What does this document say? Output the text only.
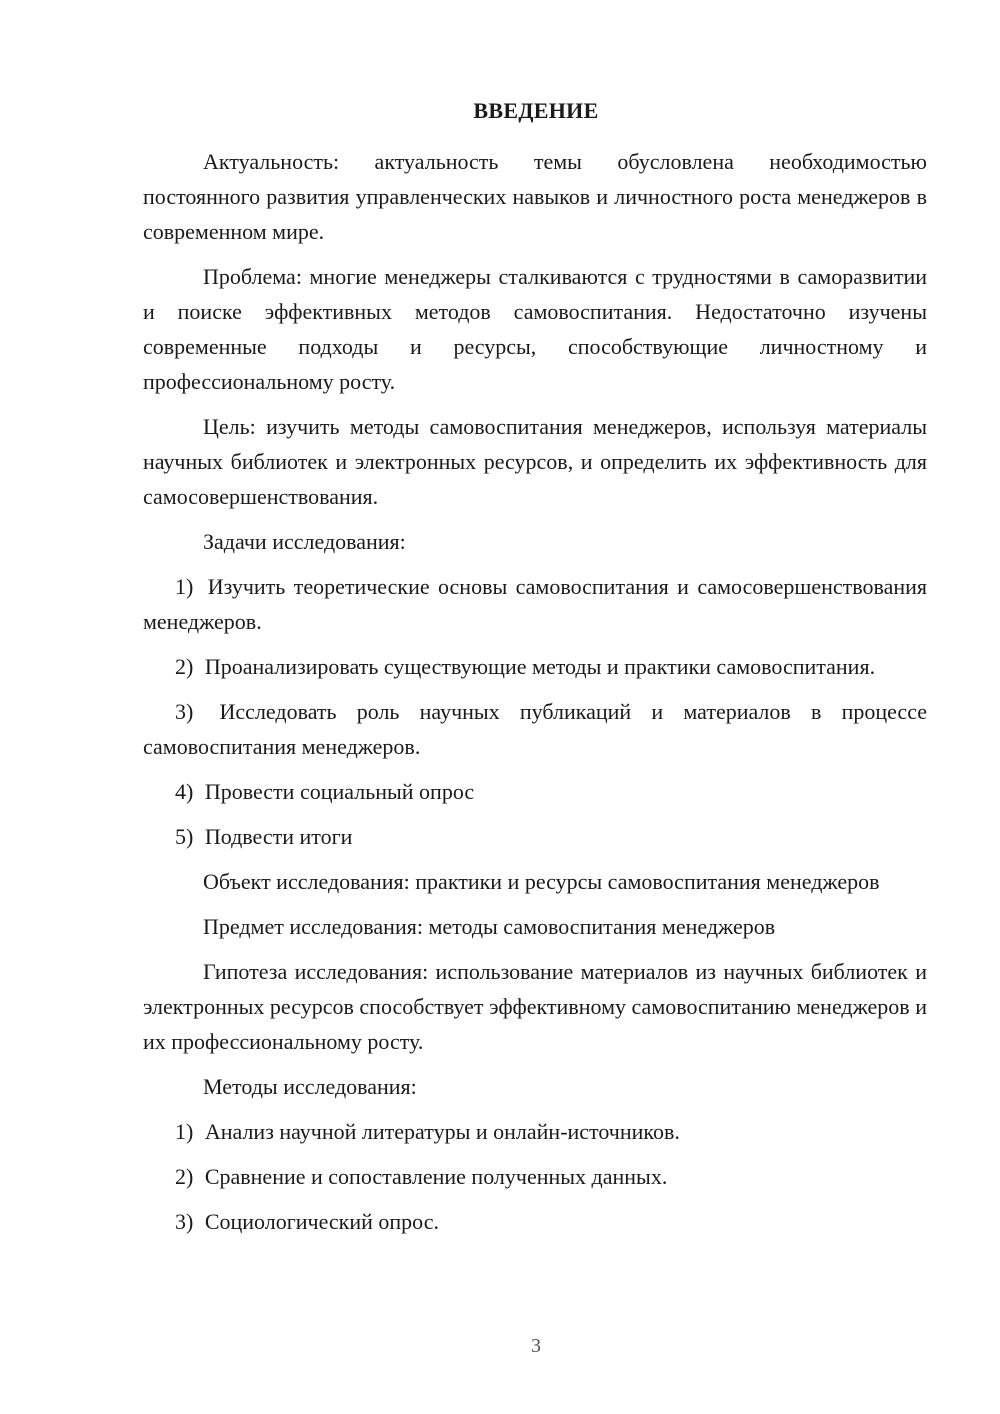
ВВЕДЕНИЕ

Актуальность: актуальность темы обусловлена необходимостью постоянного развития управленческих навыков и личностного роста менеджеров в современном мире.

Проблема: многие менеджеры сталкиваются с трудностями в саморазвитии и поиске эффективных методов самовоспитания. Недостаточно изучены современные подходы и ресурсы, способствующие личностному и профессиональному росту.

Цель: изучить методы самовоспитания менеджеров, используя материалы научных библиотек и электронных ресурсов, и определить их эффективность для самосовершенствования.

Задачи исследования:

1) Изучить теоретические основы самовоспитания и самосовершенствования менеджеров.

2) Проанализировать существующие методы и практики самовоспитания.

3) Исследовать роль научных публикаций и материалов в процессе самовоспитания менеджеров.

4) Провести социальный опрос

5) Подвести итоги

Объект исследования: практики и ресурсы самовоспитания менеджеров

Предмет исследования: методы самовоспитания менеджеров

Гипотеза исследования: использование материалов из научных библиотек и электронных ресурсов способствует эффективному самовоспитанию менеджеров и их профессиональному росту.

Методы исследования:

1) Анализ научной литературы и онлайн-источников.

2) Сравнение и сопоставление полученных данных.

3) Социологический опрос.

3
